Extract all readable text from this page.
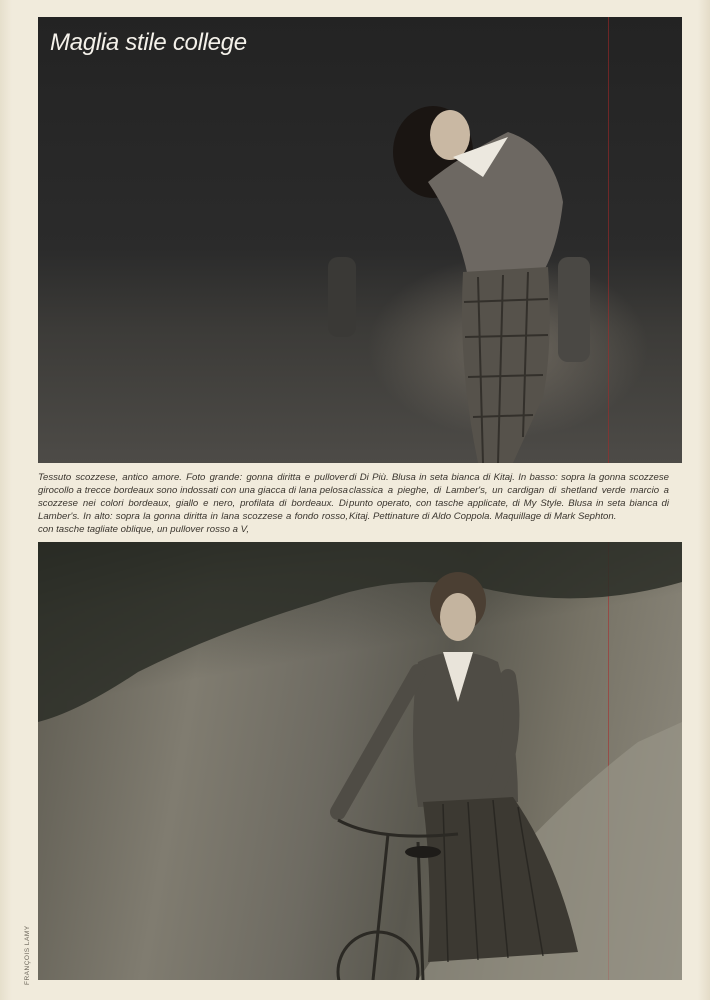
Maglia stile college
Tessuto scozzese, antico amore. Foto grande: gonna diritta e pullover girocollo a trecce bordeaux sono indossati con una giacca di lana pelosa scozzese nei colori bordeaux, giallo e nero, profilata di bordeaux. Di Lamber's. In alto: sopra la gonna diritta in lana scozzese a fondo rosso, con tasche tagliate oblique, un pullover rosso a V,
di Di Più. Blusa in seta bianca di Kitaj. In basso: sopra la gonna scozzese classica a pieghe, di Lamber's, un cardigan di shetland verde marcio a punto operato, con tasche applicate, di My Style. Blusa in seta bianca di Kitaj. Pettinature di Aldo Coppola. Maquillage di Mark Sephton.
FRANÇOIS LAMY
